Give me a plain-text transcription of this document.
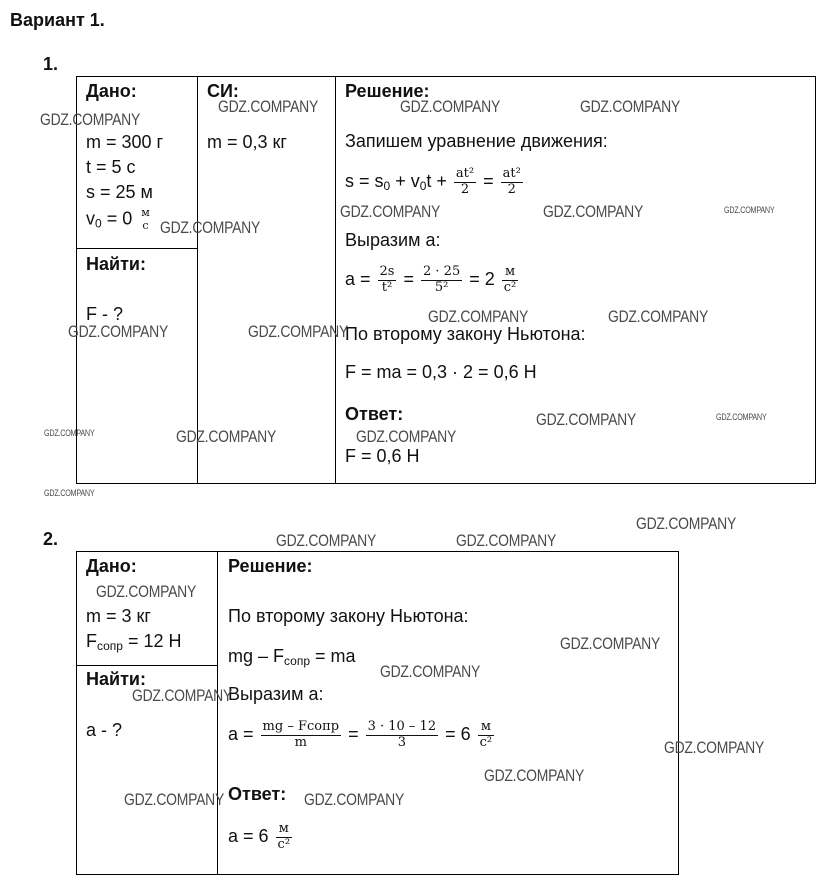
Вариант 1.
1.
Дано:
m = 300 г
t = 5 с
s = 25 м
$v_0 = 0$ м
с
Найти:
F - ?
СИ:
m = 0,3 кг
Решение:
Запишем уравнение движения:
$s = s_0 + v_0t + \frac{\text{at²}}{2} = \frac{\text{at²}}{2}$
Выразим a:
$a = \frac{2s}{\text{t²}} = \frac{2 \cdot 25}{\text{5²}} = 2 \frac{м}{\text{с²}}$
По второму закону Ньютона:
F = ma = 0,3 · 2 = 0,6 Н
Ответ:
F = 0,6 Н
2.
Дано:
m = 3 кг
$F_{сопр} = 12$ Н
Найти:
a - ?
Решение:
По второму закону Ньютона:
mg – $F_{сопр}$ = ma
Выразим a:
$a = \frac{\text{mg – Fсопр}}{m} = \frac{3 \cdot 10 - 12}{3} = 6 \frac{м}{\text{с²}}$
Ответ:
$a = 6 \frac{м}{\text{с²}}$
GDZ.COMPANY
GDZ.COMPANY	GDZ.COMPANY	GDZ.COMPANY
GDZ.COMPANY
GDZ.COMPANY	GDZ.COMPANY	GDZ.COMPANY
GDZ.COMPANY	GDZ.COMPANY
GDZ.COMPANY	GDZ.COMPANY
GDZ.COMPANY	GDZ.COMPANY	GDZ.COMPANY
GDZ.COMPANY	GDZ.COMPANY
GDZ.COMPANY
GDZ.COMPANY	GDZ.COMPANY
GDZ.COMPANY
GDZ.COMPANY
GDZ.COMPANY
GDZ.COMPANY
GDZ.COMPANY
GDZ.COMPANY
GDZ.COMPANY
GDZ.COMPANY	GDZ.COMPANY
